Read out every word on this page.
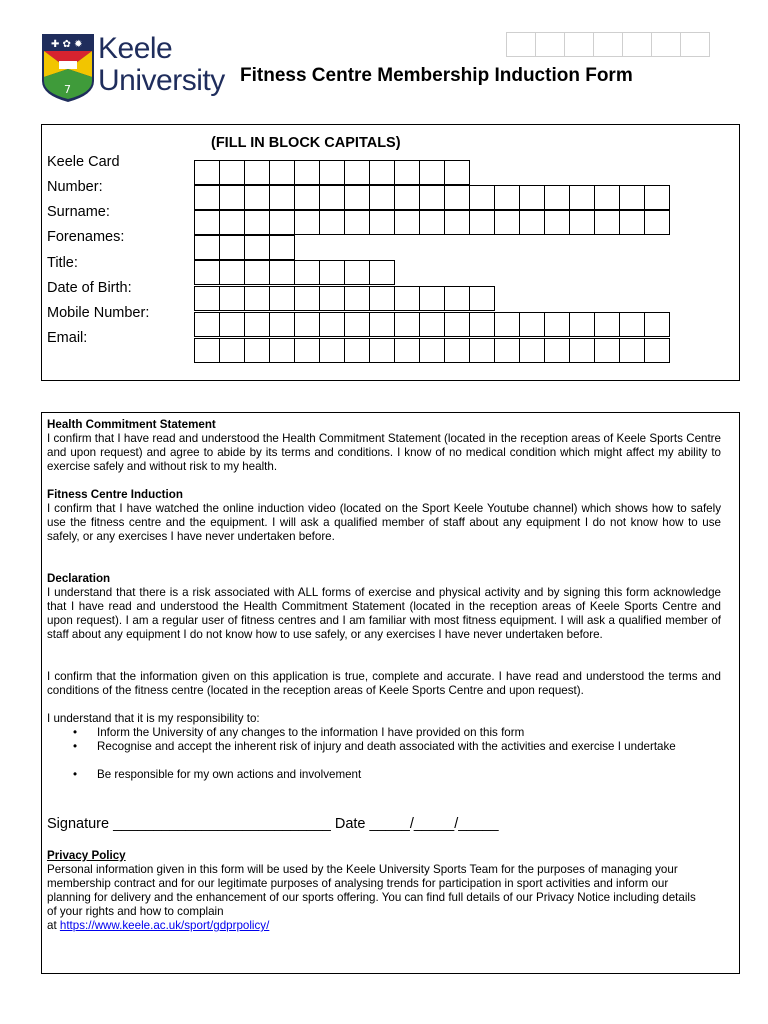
✚ ✿ ✹
7
Keele
University Fitness Centre Membership Induction Form
(FILL IN BLOCK CAPITALS)
Keele Card
Number:
Surname:
Forenames:
Title:
Date of Birth:
Mobile Number:
Email:
Health Commitment Statement
I confirm that I have read and understood the Health Commitment Statement (located in the reception areas of Keele Sports Centre and upon request) and agree to abide by its terms and conditions. I know of no medical condition which might affect my ability to exercise safely and without risk to my health.
Fitness Centre Induction
I confirm that I have watched the online induction video (located on the Sport Keele Youtube channel) which shows how to safely use the fitness centre and the equipment. I will ask a qualified member of staff about any equipment I do not know how to use safely, or any exercises I have never undertaken before.
Declaration
I understand that there is a risk associated with ALL forms of exercise and physical activity and by signing this form acknowledge that I have read and understood the Health Commitment Statement (located in the reception areas of Keele Sports Centre and upon request). I am a regular user of fitness centres and I am familiar with most fitness equipment. I will ask a qualified member of staff about any equipment I do not know how to use safely, or any exercises I have never undertaken before.
I confirm that the information given on this application is true, complete and accurate. I have read and understood the terms and conditions of the fitness centre (located in the reception areas of Keele Sports Centre and upon request).
I understand that it is my responsibility to:
•	Inform the University of any changes to the information I have provided on this form
•	Recognise and accept the inherent risk of injury and death associated with the activities and exercise I undertake
•	Be responsible for my own actions and involvement
Signature ___________________________ Date _____/_____/_____
Privacy Policy
Personal information given in this form will be used by the Keele University Sports Team for the purposes of managing your membership contract and for our legitimate purposes of analysing trends for participation in sport activities and inform our planning for delivery and the enhancement of our sports offering. You can find full details of our Privacy Notice including details of your rights and how to complain
at https://www.keele.ac.uk/sport/gdprpolicy/
